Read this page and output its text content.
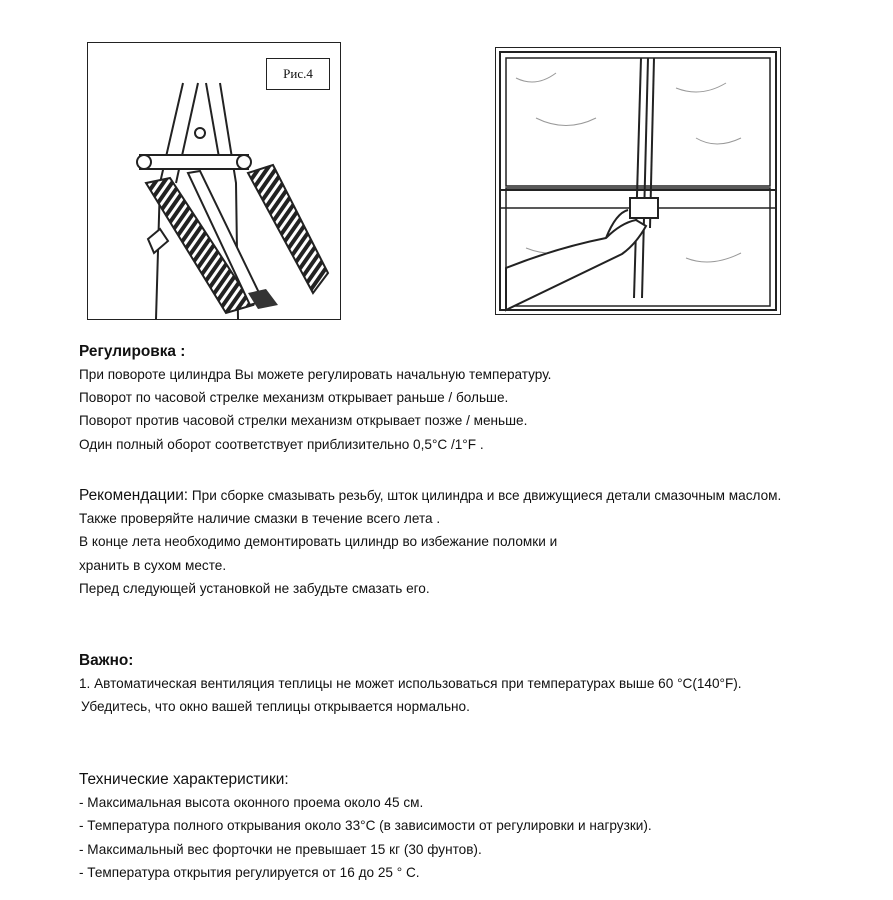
Рис.4

Регулировка :

При повороте цилиндра Вы можете регулировать начальную температуру.

Поворот по часовой стрелке механизм открывает раньше / больше.

Поворот против часовой стрелки механизм открывает позже / меньше.

Один полный оборот соответствует приблизительно 0,5°C /1°F .

Рекомендации: При сборке смазывать резьбу, шток цилиндра и все движущиеся детали смазочным маслом.

Также проверяйте наличие смазки в течение всего лета .

В конце лета необходимо демонтировать цилиндр во избежание поломки и

хранить в сухом месте.

Перед следующей установкой не забудьте смазать его.

Важно:

1. Автоматическая вентиляция теплицы не может использоваться при температурах выше 60 °C(140°F).

Убедитесь, что окно вашей теплицы открывается нормально.

Технические характеристики:

- Максимальная высота оконного проема около 45 см.

- Температура полного открывания около 33°C (в зависимости от регулировки и нагрузки).

- Максимальный вес форточки не превышает 15 кг (30 фунтов).

- Температура открытия регулируется от 16 до 25 ° С.
